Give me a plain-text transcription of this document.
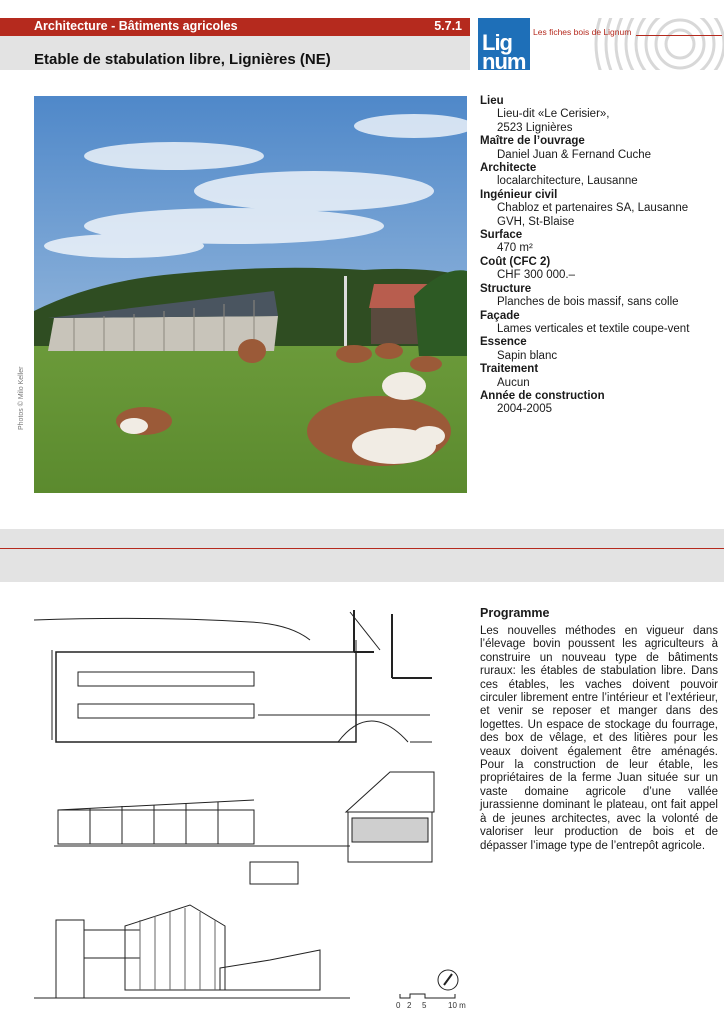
Architecture - Bâtiments agricoles	5.7.1
Etable de stabulation libre, Lignières (NE)
Lig
num
Les fiches bois de Lignum
Photos © Milo Keller
Lieu
Lieu-dit «Le Cerisier»,
2523 Lignières
Maître de l’ouvrage
Daniel Juan & Fernand Cuche
Architecte
localarchitecture, Lausanne
Ingénieur civil
Chabloz et partenaires SA, Lausanne
GVH, St-Blaise
Surface
470 m²
Coût (CFC 2)
CHF 300 000.–
Structure
Planches de bois massif, sans colle
Façade
Lames verticales et textile coupe-vent
Essence
Sapin blanc
Traitement
Aucun
Année de construction
2004-2005
0 2 5	10 m
Programme
Les nouvelles méthodes en vigueur dans l’élevage bovin poussent les agriculteurs à construire un nouveau type de bâtiments ruraux: les étables de stabulation libre. Dans ces étables, les vaches doivent pouvoir circuler librement entre l’intérieur et l’extérieur, et venir se reposer et manger dans des logettes. Un espace de stockage du fourrage, des box de vêlage, et des litières pour les veaux doivent également être aménagés. Pour la construction de leur étable, les propriétaires de la ferme Juan située sur un vaste domaine agricole d’une vallée jurassienne dominant le plateau, ont fait appel à de jeunes architectes, avec la volonté de valoriser leur production de bois et de dépasser l’image type de l’entrepôt agricole.
